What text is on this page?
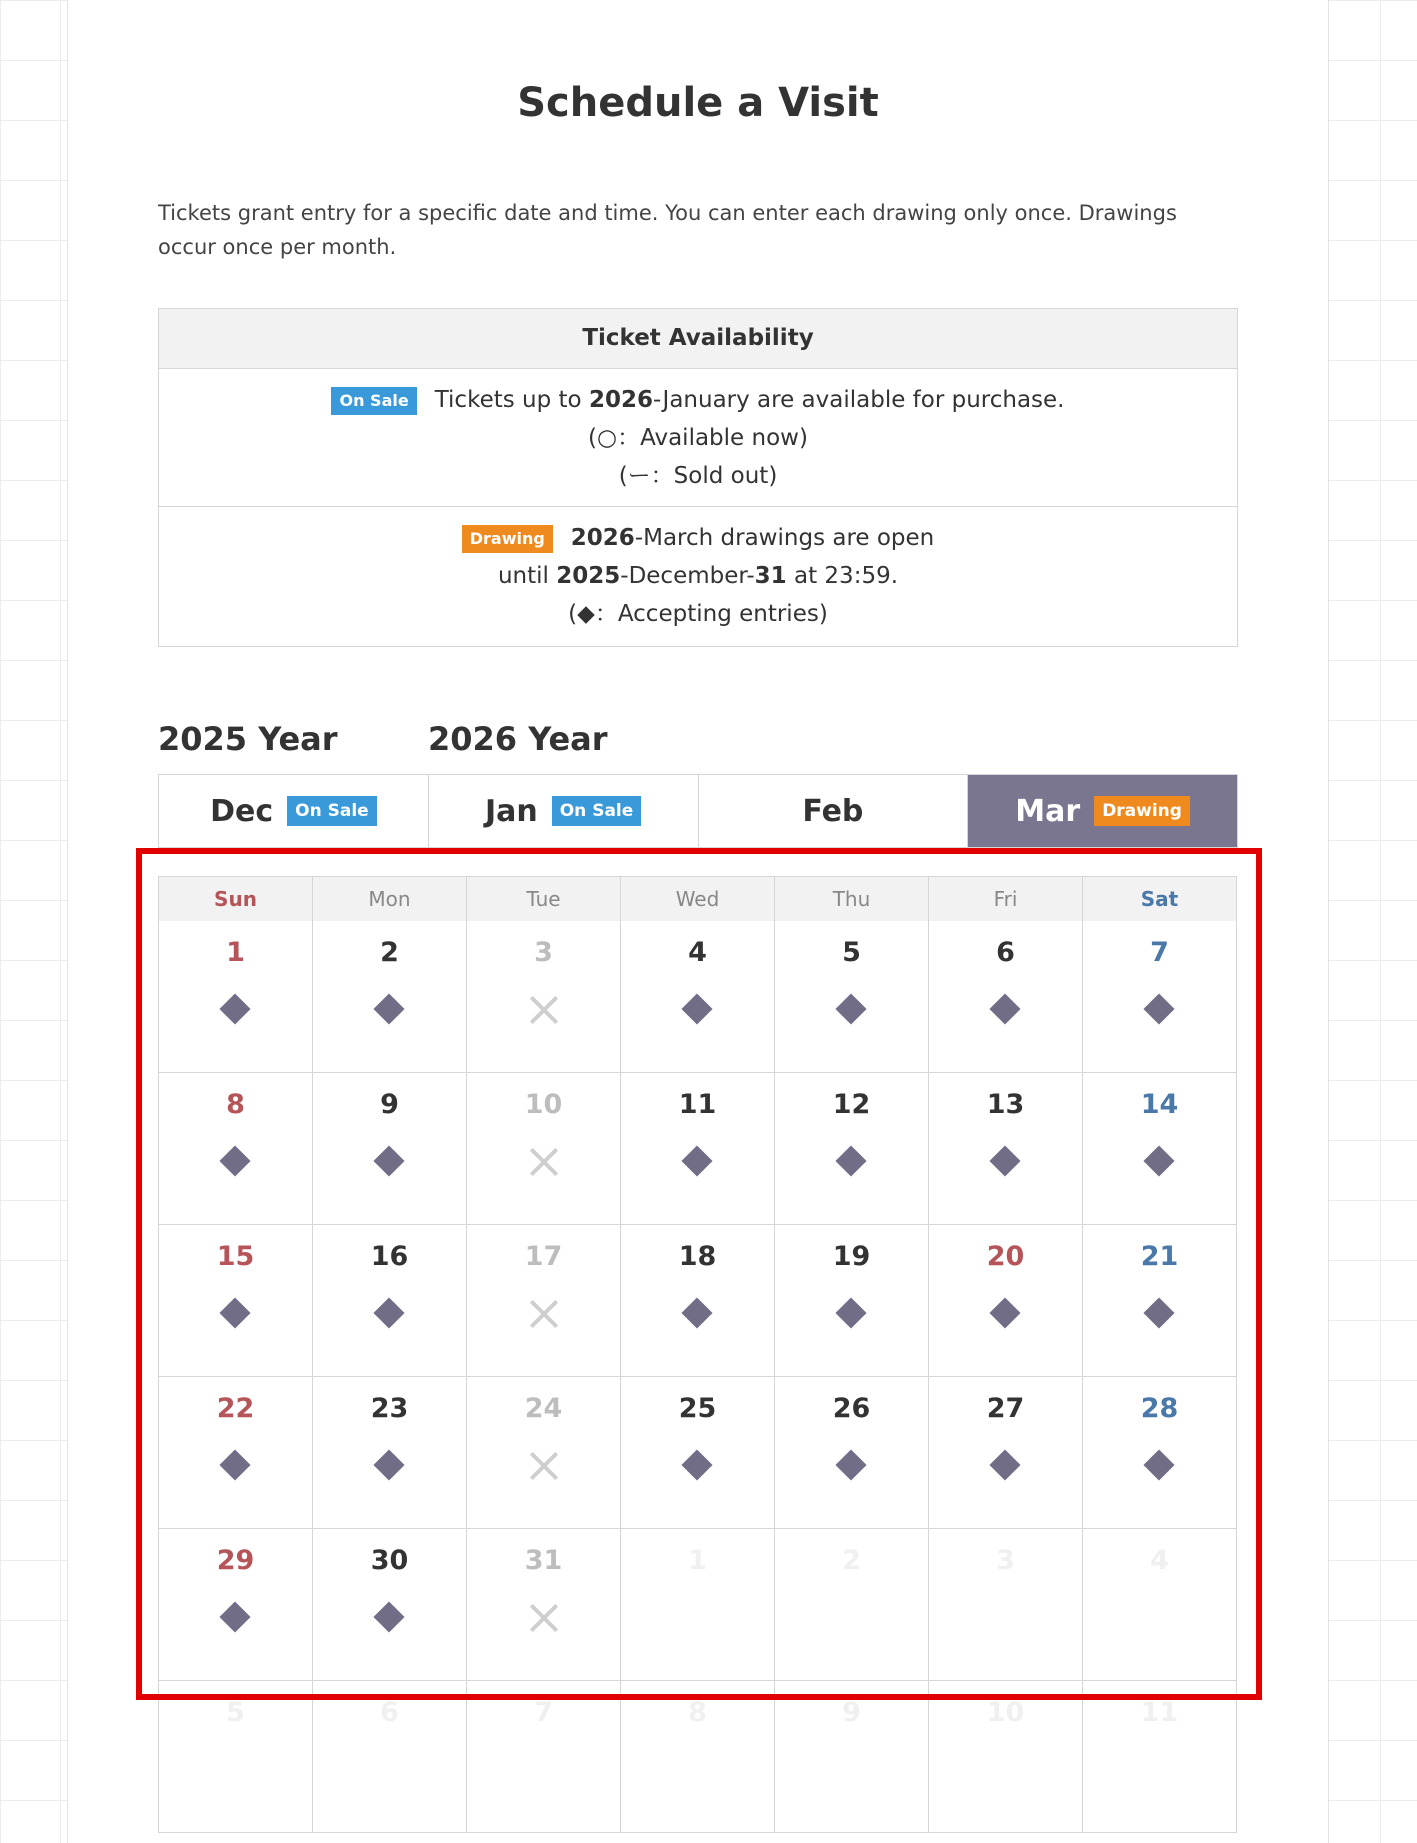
Schedule a Visit
Tickets grant entry for a specific date and time. You can enter each drawing only once. Drawings occur once per month.
Ticket Availability
On Sale Tickets up to 2026-January are available for purchase.
(○：Available now)
(ー：Sold out)
Drawing 2026-March drawings are open
until 2025-December-31 at 23:59.
(◆：Accepting entries)
2025 Year	2026 Year
Dec	On Sale	Jan	On Sale	Feb	Mar	Drawing
Sun	Mon	Tue	Wed	Thu	Fri	Sat
1	2	3	4	5	6	7
8	9	10	11	12	13	14
15	16	17	18	19	20	21
22	23	24	25	26	27	28
29	30	31	1	2	3	4
5	6	7	8	9	10	11
